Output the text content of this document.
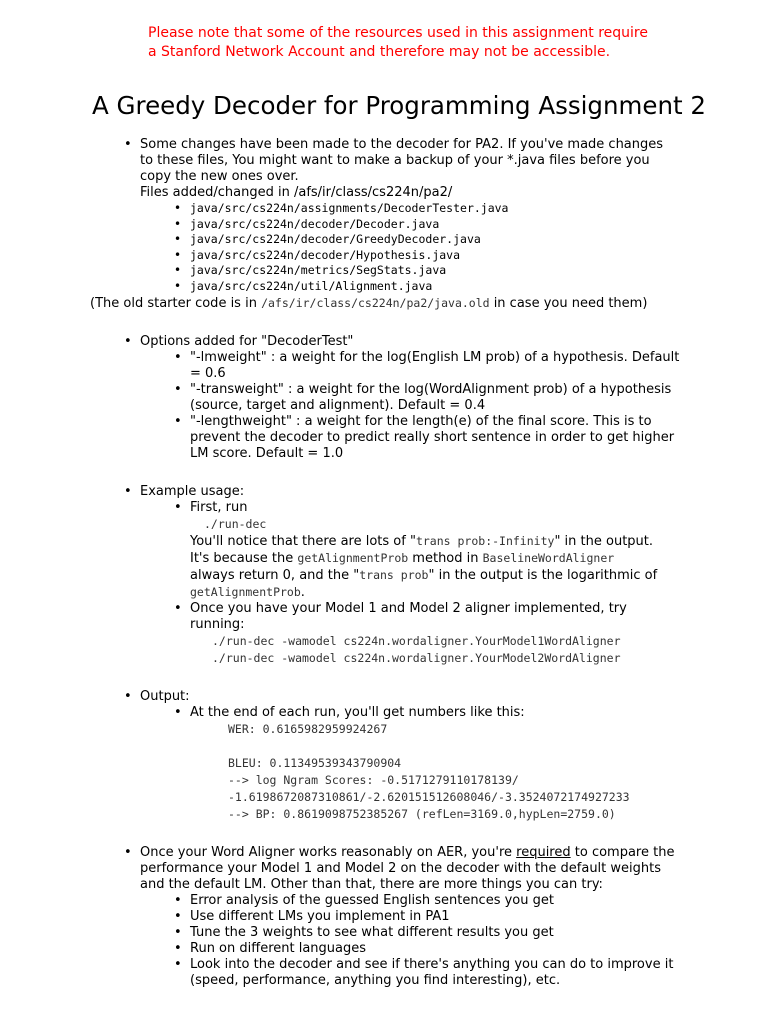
Please note that some of the resources used in this assignment require
a Stanford Network Account and therefore may not be accessible.
A Greedy Decoder for Programming Assignment 2
• Some changes have been made to the decoder for PA2. If you've made changes to these files, You might want to make a backup of your *.java files before you copy the new ones over.
Files added/changed in /afs/ir/class/cs224n/pa2/
• java/src/cs224n/assignments/DecoderTester.java
• java/src/cs224n/decoder/Decoder.java
• java/src/cs224n/decoder/GreedyDecoder.java
• java/src/cs224n/decoder/Hypothesis.java
• java/src/cs224n/metrics/SegStats.java
• java/src/cs224n/util/Alignment.java
(The old starter code is in /afs/ir/class/cs224n/pa2/java.old in case you need them)
• Options added for "DecoderTest"
• "-lmweight" : a weight for the log(English LM prob) of a hypothesis. Default = 0.6
• "-transweight" : a weight for the log(WordAlignment prob) of a hypothesis (source, target and alignment). Default = 0.4
• "-lengthweight" : a weight for the length(e) of the final score. This is to prevent the decoder to predict really short sentence in order to get higher LM score. Default = 1.0
• Example usage:
• First, run
./run-dec
You'll notice that there are lots of "trans prob:-Infinity" in the output.
It's because the getAlignmentProb method in BaselineWordAligner
always return 0, and the "trans prob" in the output is the logarithmic of
getAlignmentProb.
• Once you have your Model 1 and Model 2 aligner implemented, try running:
./run-dec -wamodel cs224n.wordaligner.YourModel1WordAligner
./run-dec -wamodel cs224n.wordaligner.YourModel2WordAligner
• Output:
• At the end of each run, you'll get numbers like this:
WER: 0.6165982959924267

BLEU: 0.11349539343790904
--> log Ngram Scores: -0.5171279110178139/
-1.6198672087310861/-2.620151512608046/-3.3524072174927233
--> BP: 0.8619098752385267 (refLen=3169.0,hypLen=2759.0)
• Once your Word Aligner works reasonably on AER, you're required to compare the performance your Model 1 and Model 2 on the decoder with the default weights and the default LM. Other than that, there are more things you can try:
• Error analysis of the guessed English sentences you get
• Use different LMs you implement in PA1
• Tune the 3 weights to see what different results you get
• Run on different languages
• Look into the decoder and see if there's anything you can do to improve it (speed, performance, anything you find interesting), etc.
